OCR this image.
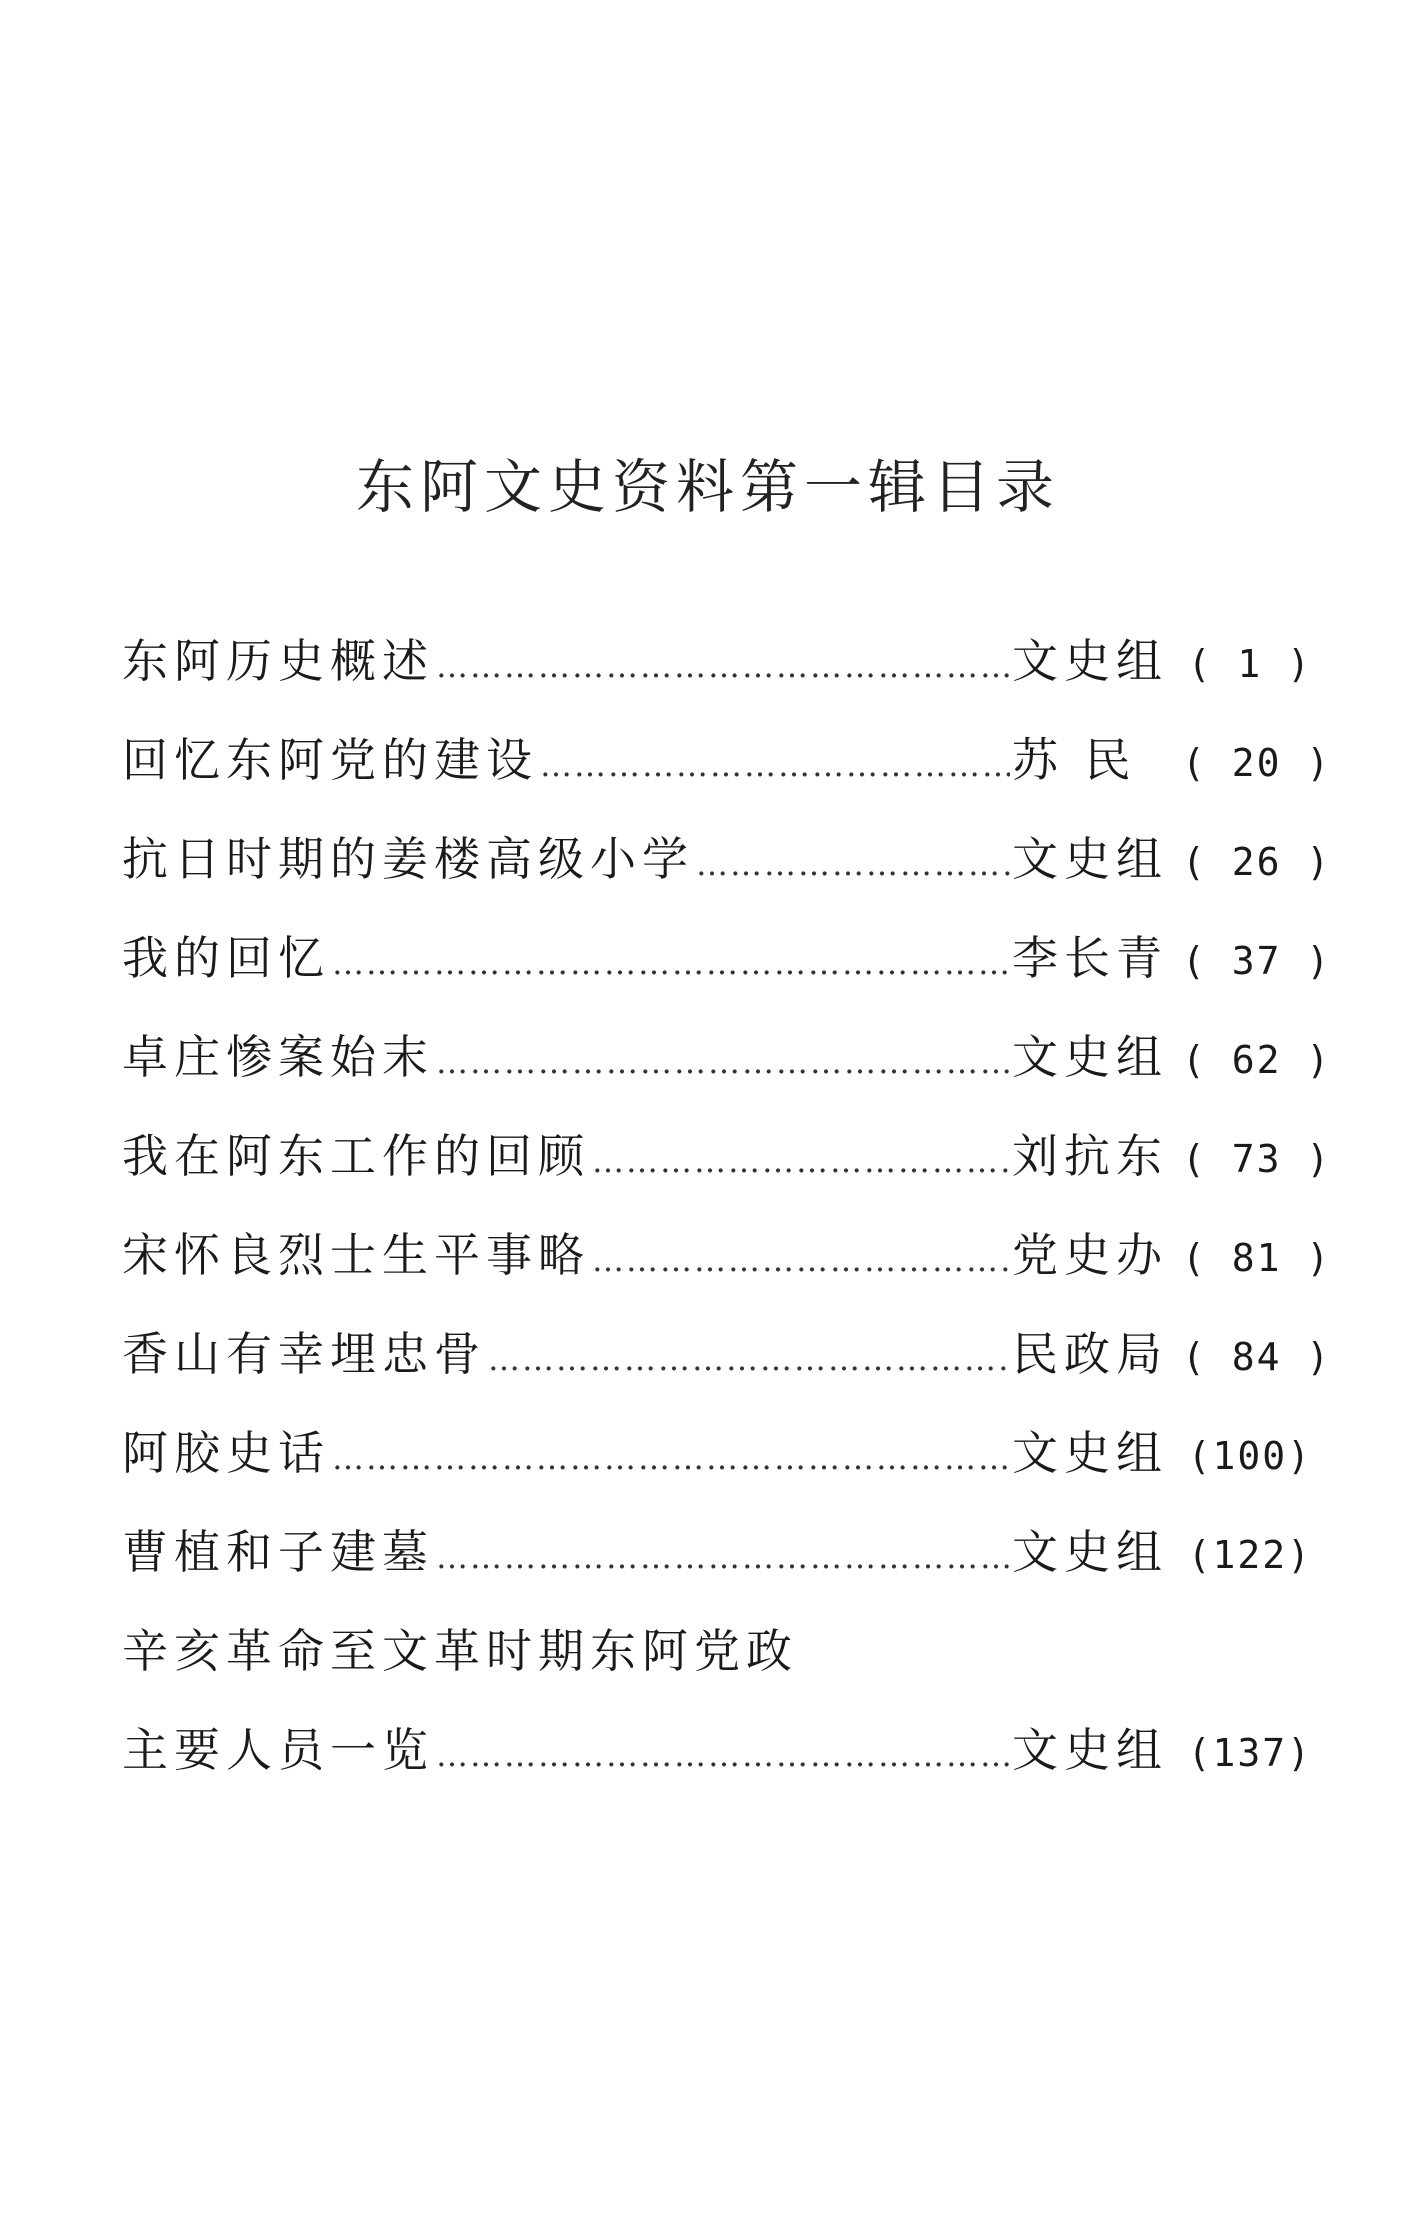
东阿文史资料第一辑目录
东阿历史概述 ……………………………………………………………………………………………………………………	文史组 ( 1 )
回忆东阿党的建设 ……………………………………………………………………………………………………………………	苏 民	( 20 )
抗日时期的姜楼高级小学 ……………………………………………………………………………………………………………………	文史组 ( 26 )
我的回忆 ……………………………………………………………………………………………………………………	李长青 ( 37 )
卓庄惨案始末 ……………………………………………………………………………………………………………………	文史组 ( 62 )
我在阿东工作的回顾 ……………………………………………………………………………………………………………………	刘抗东 ( 73 )
宋怀良烈士生平事略 ……………………………………………………………………………………………………………………	党史办 ( 81 )
香山有幸埋忠骨 ……………………………………………………………………………………………………………………	民政局 ( 84 )
阿胶史话 ……………………………………………………………………………………………………………………	文史组 (100)
曹植和子建墓 ……………………………………………………………………………………………………………………	文史组 (122)
辛亥革命至文革时期东阿党政
主要人员一览 ……………………………………………………………………………………………………………………	文史组 (137)
